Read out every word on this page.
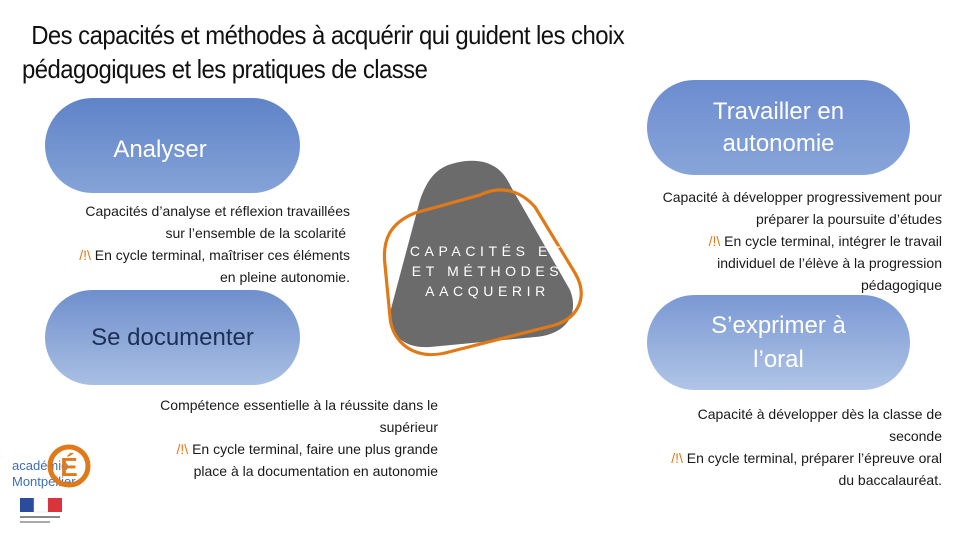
Des capacités et méthodes à acquérir qui guident les choix
pédagogiques et les pratiques de classe
CAPACITÉS ET
ET MÉTHODES
AACQUERIR
Analyser
Capacités d’analyse et réflexion travaillées
sur l’ensemble de la scolarité
/!\ En cycle terminal, maîtriser ces éléments
en pleine autonomie.
Se documenter
Compétence essentielle à la réussite dans le
supérieur
/!\ En cycle terminal, faire une plus grande
place à la documentation en autonomie
Travailler en
autonomie
Capacité à développer progressivement pour
préparer la poursuite d’études
/!\ En cycle terminal, intégrer le travail
individuel de l’élève à la progression
pédagogique
S’exprimer à
l’oral
Capacité à développer dès la classe de
seconde
/!\ En cycle terminal, préparer l’épreuve oral
du baccalauréat.
académie
Montpellier
É
